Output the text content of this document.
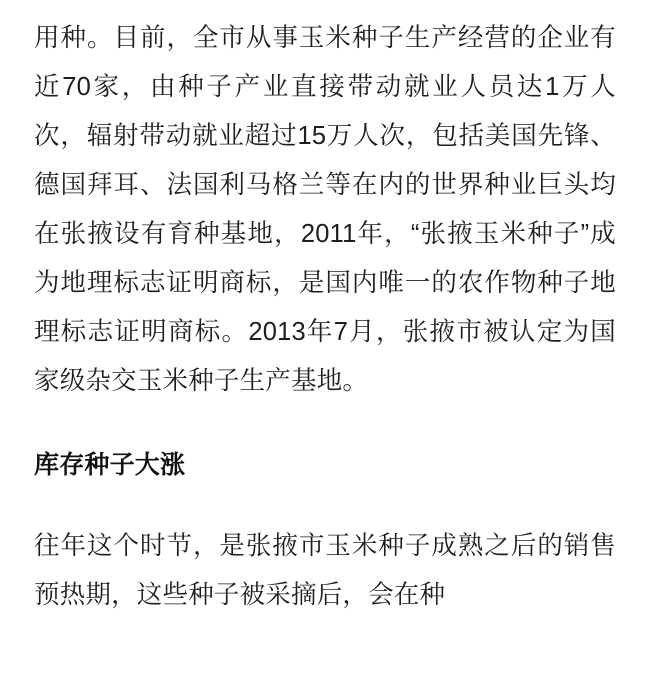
用种。目前，全市从事玉米种子生产经营的企业有近70家，由种子产业直接带动就业人员达1万人次，辐射带动就业超过15万人次，包括美国先锋、德国拜耳、法国利马格兰等在内的世界种业巨头均在张掖设有育种基地，2011年，“张掖玉米种子”成为地理标志证明商标，是国内唯一的农作物种子地理标志证明商标。2013年7月，张掖市被认定为国家级杂交玉米种子生产基地。

库存种子大涨

往年这个时节，是张掖市玉米种子成熟之后的销售预热期，这些种子被采摘后，会在种
